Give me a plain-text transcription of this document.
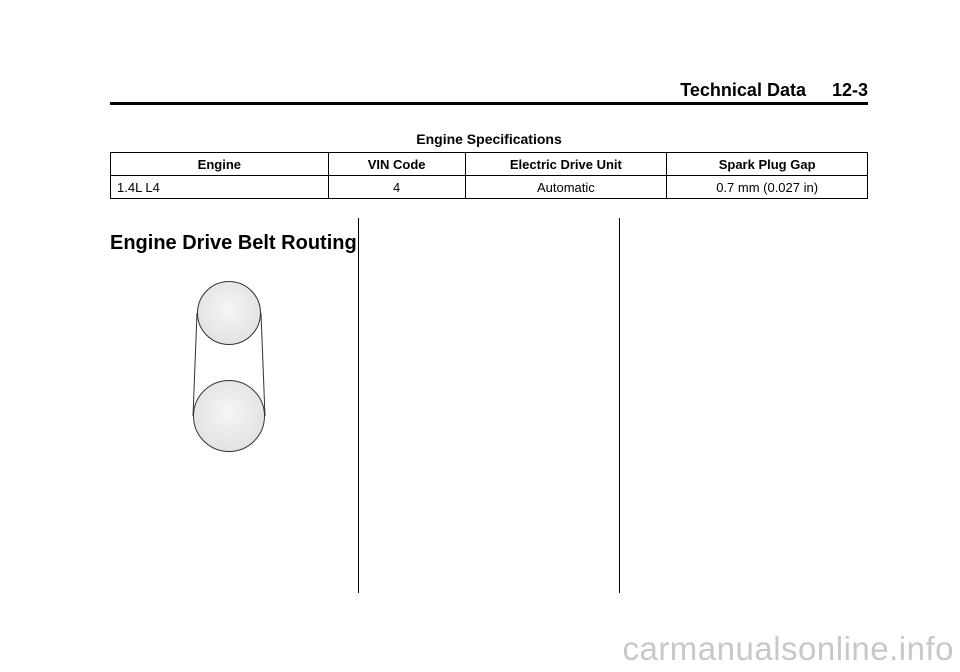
Technical Data 12-3
Engine Specifications
Engine	VIN Code	Electric Drive Unit	Spark Plug Gap
1.4L L4	4	Automatic	0.7 mm (0.027 in)
Engine Drive Belt Routing
carmanualsonline.info
